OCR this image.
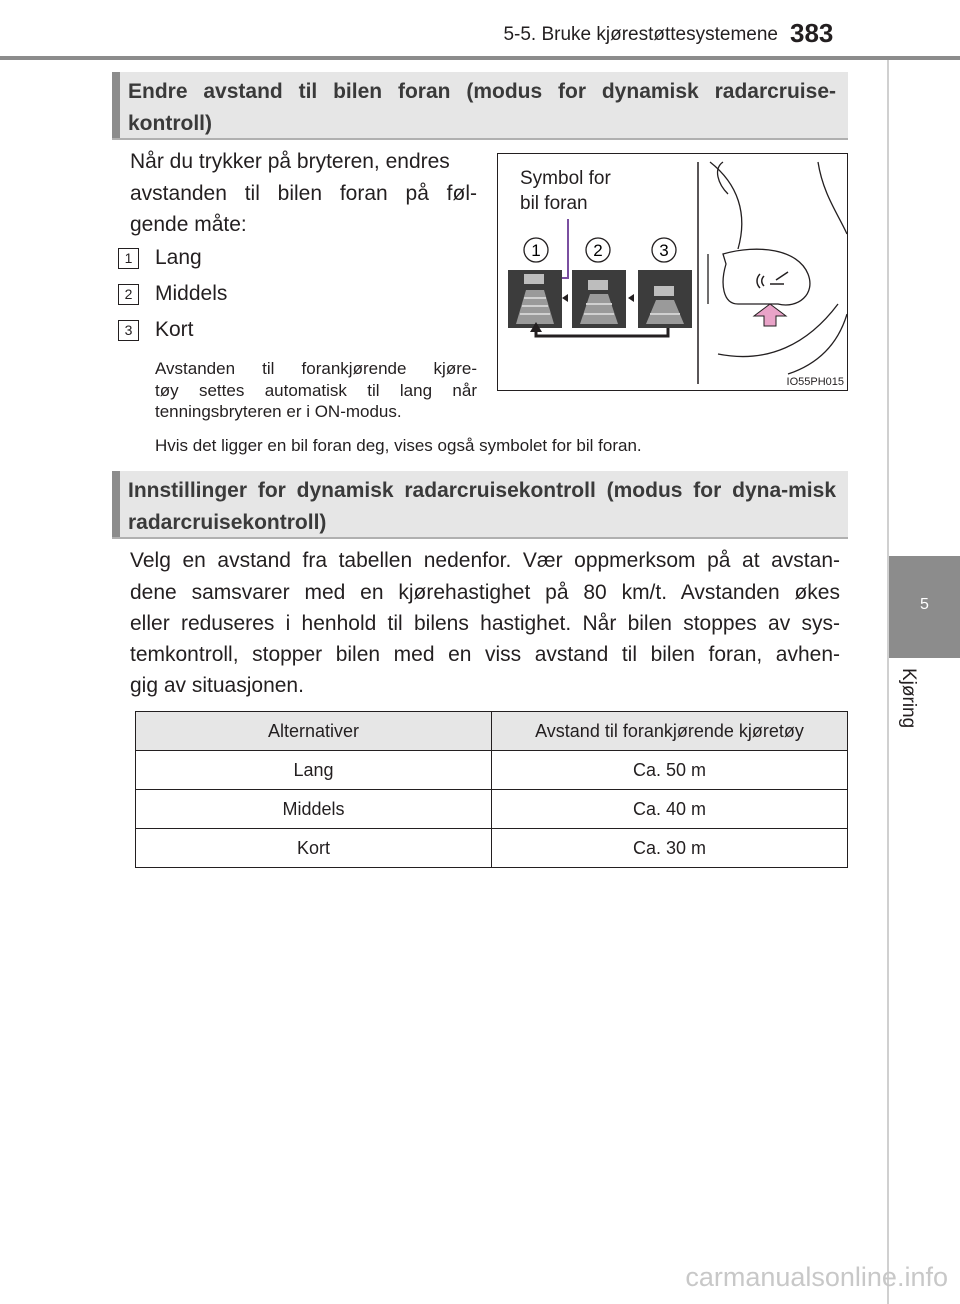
5-5. Bruke kjørestøttesystemene 383
5
Kjøring
Endre avstand til bilen foran (modus for dynamisk radarcruise-kontroll)
Når du trykker på bryteren, endres
avstanden til bilen foran på føl-
gende måte:
1	Lang
2	Middels
3	Kort
Avstanden til forankjørende kjøre-
tøy settes automatisk til lang når
tenningsbryteren er i ON-modus.
Hvis det ligger en bil foran deg, vises også symbolet for bil foran.
Symbol for
bil foran
1	2	3
IO55PH015
Innstillinger for dynamisk radarcruisekontroll (modus for dyna-misk radarcruisekontroll)
Velg en avstand fra tabellen nedenfor. Vær oppmerksom på at avstan-
dene samsvarer med en kjørehastighet på 80 km/t. Avstanden økes
eller reduseres i henhold til bilens hastighet. Når bilen stoppes av sys-
temkontroll, stopper bilen med en viss avstand til bilen foran, avhen-
gig av situasjonen.
Alternativer	Avstand til forankjørende kjøretøy
Lang	Ca. 50 m
Middels	Ca. 40 m
Kort	Ca. 30 m
carmanualsonline.info
